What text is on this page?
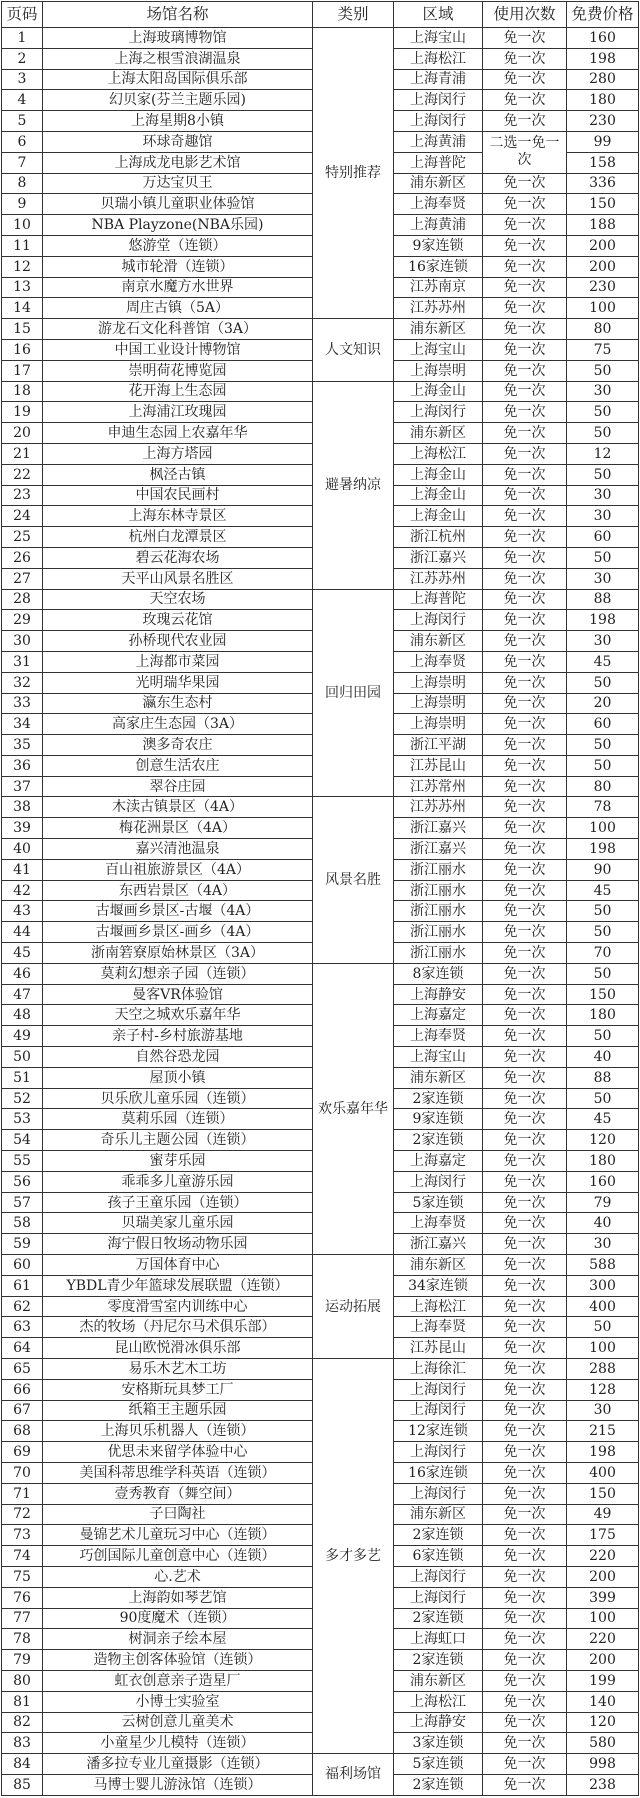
页码	场馆名称	类别	区域	使用次数	免费价格
1	上海玻璃博物馆	特别推荐	上海宝山	免一次	160
2	上海之根雪浪湖温泉		上海松江	免一次	198
3	上海太阳岛国际俱乐部		上海青浦	免一次	280
4	幻贝家(芬兰主题乐园)		上海闵行	免一次	180
5	上海星期8小镇		上海闵行	免一次	230
6	环球奇趣馆		上海黄浦	二选一免一次	99
7	上海成龙电影艺术馆		上海普陀		158
8	万达宝贝王		浦东新区	免一次	336
9	贝瑞小镇儿童职业体验馆		上海奉贤	免一次	150
10	NBA Playzone(NBA乐园)		上海黄浦	免一次	188
11	悠游堂（连锁）		9家连锁	免一次	200
12	城市轮滑（连锁）		16家连锁	免一次	200
13	南京水魔方水世界		江苏南京	免一次	230
14	周庄古镇（5A）		江苏苏州	免一次	100
15	游龙石文化科普馆（3A）	人文知识	浦东新区	免一次	80
16	中国工业设计博物馆		上海宝山	免一次	75
17	崇明荷花博览园		上海崇明	免一次	50
18	花开海上生态园	避暑纳凉	上海金山	免一次	30
19	上海浦江玫瑰园		上海闵行	免一次	50
20	申迪生态园上农嘉年华		浦东新区	免一次	50
21	上海方塔园		上海松江	免一次	12
22	枫泾古镇		上海金山	免一次	50
23	中国农民画村		上海金山	免一次	30
24	上海东林寺景区		上海金山	免一次	30
25	杭州白龙潭景区		浙江杭州	免一次	60
26	碧云花海农场		浙江嘉兴	免一次	50
27	天平山风景名胜区		江苏苏州	免一次	30
28	天空农场	回归田园	上海普陀	免一次	88
29	玫瑰云花馆		上海闵行	免一次	198
30	孙桥现代农业园		浦东新区	免一次	30
31	上海都市菜园		上海奉贤	免一次	45
32	光明瑞华果园		上海崇明	免一次	50
33	瀛东生态村		上海崇明	免一次	20
34	高家庄生态园（3A）		上海崇明	免一次	60
35	澳多奇农庄		浙江平湖	免一次	50
36	创意生活农庄		江苏昆山	免一次	50
37	翠谷庄园		江苏常州	免一次	80
38	木渎古镇景区（4A）	风景名胜	江苏苏州	免一次	78
39	梅花洲景区（4A）		浙江嘉兴	免一次	100
40	嘉兴清池温泉		浙江嘉兴	免一次	198
41	百山祖旅游景区（4A）		浙江丽水	免一次	90
42	东西岩景区（4A）		浙江丽水	免一次	45
43	古堰画乡景区-古堰（4A）		浙江丽水	免一次	50
44	古堰画乡景区-画乡（4A）		浙江丽水	免一次	50
45	浙南箬寮原始林景区（3A）		浙江丽水	免一次	70
46	莫莉幻想亲子园（连锁）	欢乐嘉年华	8家连锁	免一次	50
47	曼客VR体验馆		上海静安	免一次	150
48	天空之城欢乐嘉年华		上海嘉定	免一次	180
49	亲子村-乡村旅游基地		上海奉贤	免一次	50
50	自然谷恐龙园		上海宝山	免一次	40
51	屋顶小镇		浦东新区	免一次	88
52	贝乐欣儿童乐园（连锁）		2家连锁	免一次	50
53	莫莉乐园（连锁）		9家连锁	免一次	45
54	奇乐儿主题公园（连锁）		2家连锁	免一次	120
55	蜜芽乐园		上海嘉定	免一次	180
56	乖乖多儿童游乐园		上海闵行	免一次	160
57	孩子王童乐园（连锁）		5家连锁	免一次	79
58	贝瑞美家儿童乐园		上海奉贤	免一次	40
59	海宁假日牧场动物乐园		浙江嘉兴	免一次	30
60	万国体育中心	运动拓展	浦东新区	免一次	588
61	YBDL青少年篮球发展联盟（连锁）		34家连锁	免一次	300
62	零度滑雪室内训练中心		上海松江	免一次	400
63	杰的牧场（丹尼尔马术俱乐部）		上海奉贤	免一次	50
64	昆山欧悦滑冰俱乐部		江苏昆山	免一次	100
65	易乐木艺木工坊	多才多艺	上海徐汇	免一次	288
66	安格斯玩具梦工厂		上海闵行	免一次	128
67	纸箱王主题乐园		上海闵行	免一次	30
68	上海贝乐机器人（连锁）		12家连锁	免一次	215
69	优思未来留学体验中心		上海闵行	免一次	198
70	美国科蒂思维学科英语（连锁）		16家连锁	免一次	400
71	壹秀教育（舞空间）		上海闵行	免一次	150
72	子曰陶社		浦东新区	免一次	49
73	曼锦艺术儿童玩习中心（连锁）		2家连锁	免一次	175
74	巧创国际儿童创意中心（连锁）		6家连锁	免一次	220
75	心.艺术		上海闵行	免一次	200
76	上海韵如琴艺馆		上海闵行	免一次	399
77	90度魔术（连锁）		2家连锁	免一次	100
78	树洞亲子绘本屋		上海虹口	免一次	220
79	造物主创客体验馆（连锁）		2家连锁	免一次	200
80	虹衣创意亲子造星厂		浦东新区	免一次	199
81	小博士实验室		上海松江	免一次	140
82	云树创意儿童美术		上海静安	免一次	120
83	小童星少儿模特（连锁）		3家连锁	免一次	580
84	潘多拉专业儿童摄影（连锁）	福利场馆	5家连锁	免一次	998
85	马博士婴儿游泳馆（连锁）		2家连锁	免一次	238
